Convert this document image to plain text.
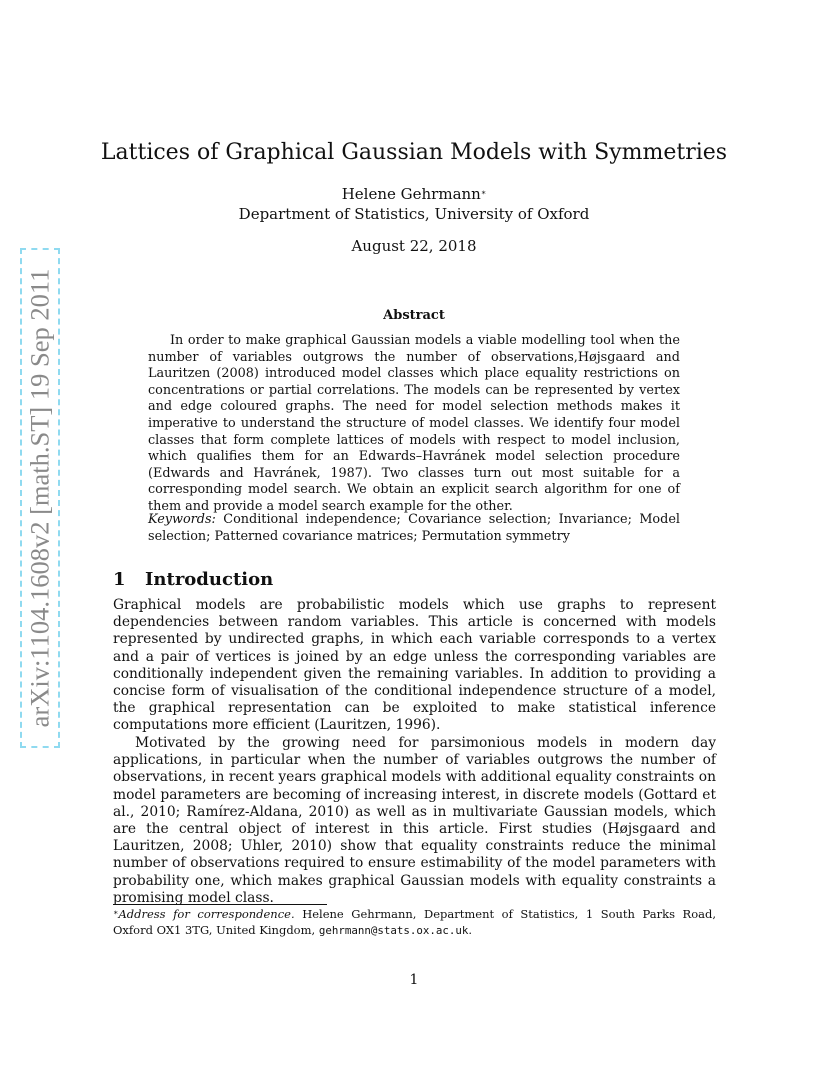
arXiv:1104.1608v2 [math.ST] 19 Sep 2011
Lattices of Graphical Gaussian Models with Symmetries
Helene Gehrmann∗
Department of Statistics, University of Oxford
August 22, 2018
Abstract
In order to make graphical Gaussian models a viable modelling tool when the number of variables outgrows the number of observations,Højsgaard and Lauritzen (2008) introduced model classes which place equality restrictions on concentrations or partial correlations. The models can be represented by vertex and edge coloured graphs. The need for model selection methods makes it imperative to understand the structure of model classes. We identify four model classes that form complete lattices of models with respect to model inclusion, which qualifies them for an Edwards–Havránek model selection procedure (Edwards and Havránek, 1987). Two classes turn out most suitable for a corresponding model search. We obtain an explicit search algorithm for one of them and provide a model search example for the other.
Keywords: Conditional independence; Covariance selection; Invariance; Model selection; Patterned covariance matrices; Permutation symmetry
1 Introduction
Graphical models are probabilistic models which use graphs to represent dependencies between random variables. This article is concerned with models represented by undirected graphs, in which each variable corresponds to a vertex and a pair of vertices is joined by an edge unless the corresponding variables are conditionally independent given the remaining variables. In addition to providing a concise form of visualisation of the conditional independence structure of a model, the graphical representation can be exploited to make statistical inference computations more efficient (Lauritzen, 1996).
Motivated by the growing need for parsimonious models in modern day applications, in particular when the number of variables outgrows the number of observations, in recent years graphical models with additional equality constraints on model parameters are becoming of increasing interest, in discrete models (Gottard et al., 2010; Ramírez-Aldana, 2010) as well as in multivariate Gaussian models, which are the central object of interest in this article. First studies (Højsgaard and Lauritzen, 2008; Uhler, 2010) show that equality constraints reduce the minimal number of observations required to ensure estimability of the model parameters with probability one, which makes graphical Gaussian models with equality constraints a promising model class.
∗Address for correspondence. Helene Gehrmann, Department of Statistics, 1 South Parks Road, Oxford OX1 3TG, United Kingdom, gehrmann@stats.ox.ac.uk.
1
